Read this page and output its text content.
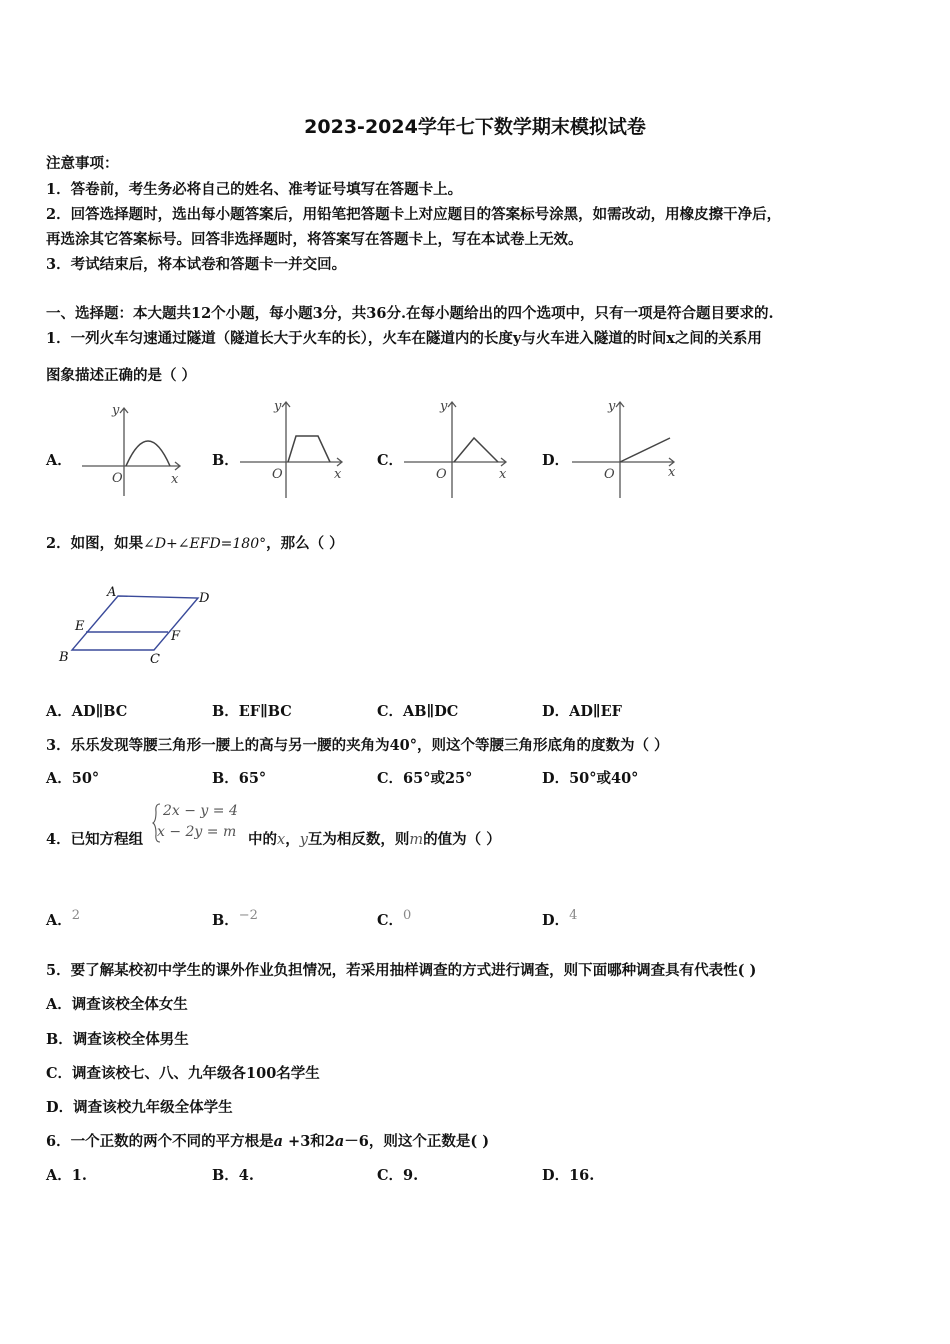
2023-2024学年七下数学期末模拟试卷
注意事项：
1．答卷前，考生务必将自己的姓名、准考证号填写在答题卡上。
2．回答选择题时，选出每小题答案后，用铅笔把答题卡上对应题目的答案标号涂黑，如需改动，用橡皮擦干净后，
再选涂其它答案标号。回答非选择题时，将答案写在答题卡上，写在本试卷上无效。
3．考试结束后，将本试卷和答题卡一并交回。
一、选择题：本大题共12个小题，每小题3分，共36分.在每小题给出的四个选项中，只有一项是符合题目要求的.
1．一列火车匀速通过隧道（隧道长大于火车的长），火车在隧道内的长度y与火车进入隧道的时间x之间的关系用
图象描述正确的是（ ）
A．
y
x
O
B．
y
x
O
C．
y
x
O
D．
y
x
O
2．如图，如果∠D+∠EFD=180°，那么（ ）
A	D
E
F
B	C
A．AD∥BC	B．EF∥BC	C．AB∥DC	D．AD∥EF
3．乐乐发现等腰三角形一腰上的高与另一腰的夹角为40°，则这个等腰三角形底角的度数为（ ）
A．50°	B．65°	C．65°或25°	D．50°或40°
4．已知方程组
2x − y = 4
x − 2y = m 中的x，y互为相反数，则m的值为（ ）
A．2	B．−2	C．0	D．4
5．要了解某校初中学生的课外作业负担情况，若采用抽样调查的方式进行调查，则下面哪种调查具有代表性( )
A．调查该校全体女生
B．调查该校全体男生
C．调查该校七、八、九年级各100名学生
D．调查该校九年级全体学生
6．一个正数的两个不同的平方根是a +3和2a－6，则这个正数是( )
A．1.	B．4.	C．9.	D．16.
